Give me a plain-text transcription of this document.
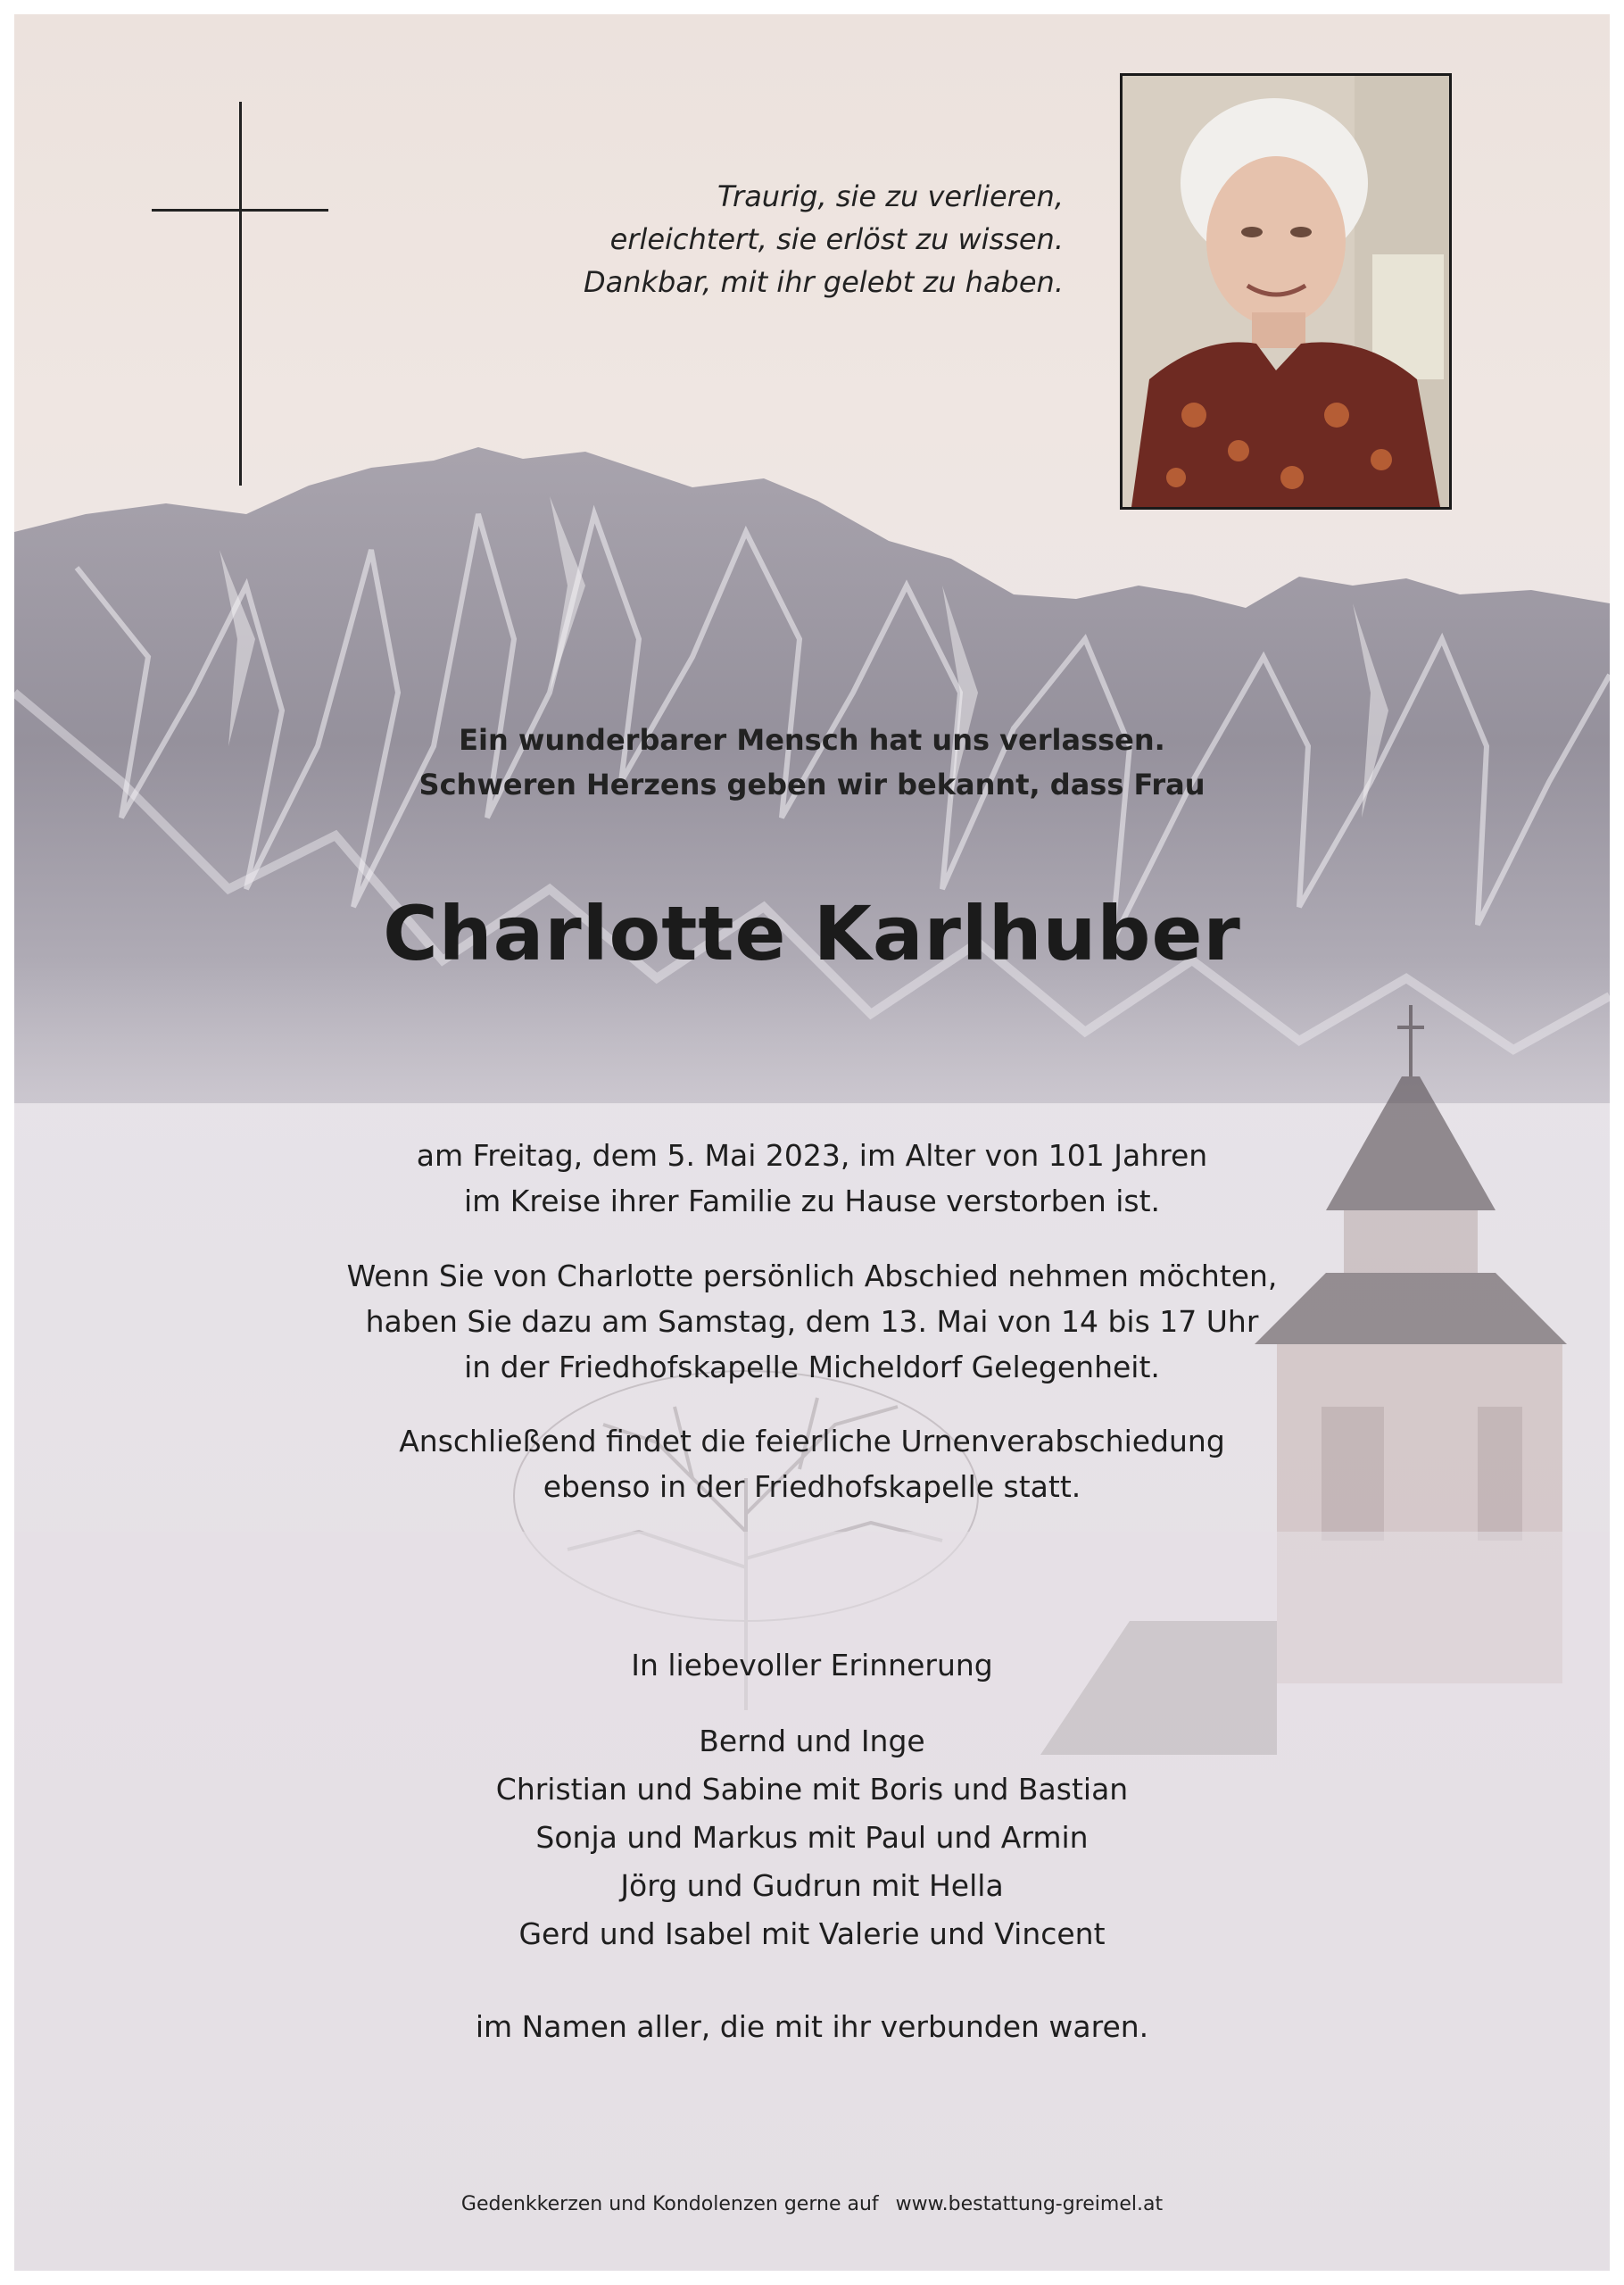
Traurig, sie zu verlieren,
erleichtert, sie erlöst zu wissen.
Dankbar, mit ihr gelebt zu haben.
Ein wunderbarer Mensch hat uns verlassen.
Schweren Herzens geben wir bekannt, dass Frau
Charlotte Karlhuber
am Freitag, dem 5. Mai 2023, im Alter von 101 Jahren
im Kreise ihrer Familie zu Hause verstorben ist.
Wenn Sie von Charlotte persönlich Abschied nehmen möchten,
haben Sie dazu am Samstag, dem 13. Mai von 14 bis 17 Uhr
in der Friedhofskapelle Micheldorf Gelegenheit.
Anschließend findet die feierliche Urnenverabschiedung
ebenso in der Friedhofskapelle statt.
In liebevoller Erinnerung
Bernd und Inge
Christian und Sabine mit Boris und Bastian
Sonja und Markus mit Paul und Armin
Jörg und Gudrun mit Hella
Gerd und Isabel mit Valerie und Vincent
im Namen aller, die mit ihr verbunden waren.
Gedenkkerzen und Kondolenzen gerne auf www.bestattung-greimel.at
